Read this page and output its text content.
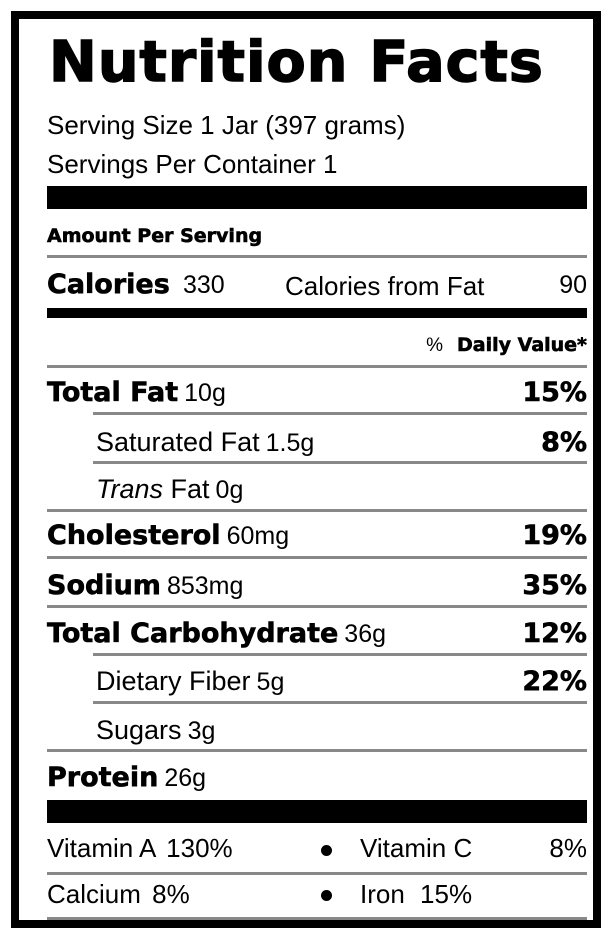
Nutrition Facts
Serving Size 1 Jar (397 grams)
Servings Per Container 1
Amount Per Serving
Calories 330 Calories from Fat	90
% Daily Value*
Total Fat 10g	15%
Saturated Fat 1.5g	8%
Trans Fat 0g
Cholesterol 60mg	19%
Sodium 853mg	35%
Total Carbohydrate 36g	12%
Dietary Fiber 5g	22%
Sugars 3g
Protein 26g
Vitamin A 130%	Vitamin C	8%
Calcium 8%	Iron 15%
